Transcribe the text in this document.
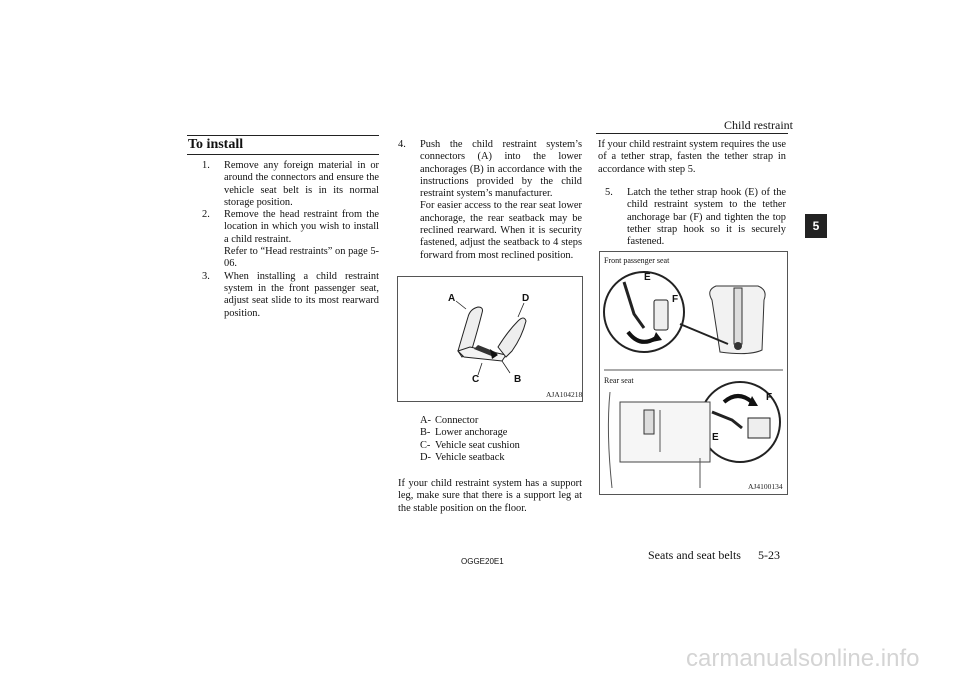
Child restraint
5
To install
1. Remove any foreign material in or around the connectors and ensure the vehicle seat belt is in its normal storage position.
2. Remove the head restraint from the location in which you wish to install a child restraint.
Refer to “Head restraints” on page 5-06.
3. When installing a child restraint system in the front passenger seat, adjust seat slide to its most rearward position.
4. Push the child restraint system’s connectors (A) into the lower anchorages (B) in accordance with the instructions provided by the child restraint system’s manufacturer.
For easier access to the rear seat lower anchorage, the rear seatback may be reclined rearward. When it is security fastened, adjust the seatback to 4 steps forward from most reclined position.
A	D
C	B
AJA104218
A- Connector
B- Lower anchorage
C- Vehicle seat cushion
D- Vehicle seatback
If your child restraint system has a support leg, make sure that there is a support leg at the stable position on the floor.
If your child restraint system requires the use of a tether strap, fasten the tether strap in accordance with step 5.
5. Latch the tether strap hook (E) of the child restraint system to the tether anchorage bar (F) and tighten the top tether strap hook so it is securely fastened.
Front passenger seat
E
F
Rear seat
F
E
AJ4100134
OGGE20E1	Seats and seat belts 5-23
carmanualsonline.info
